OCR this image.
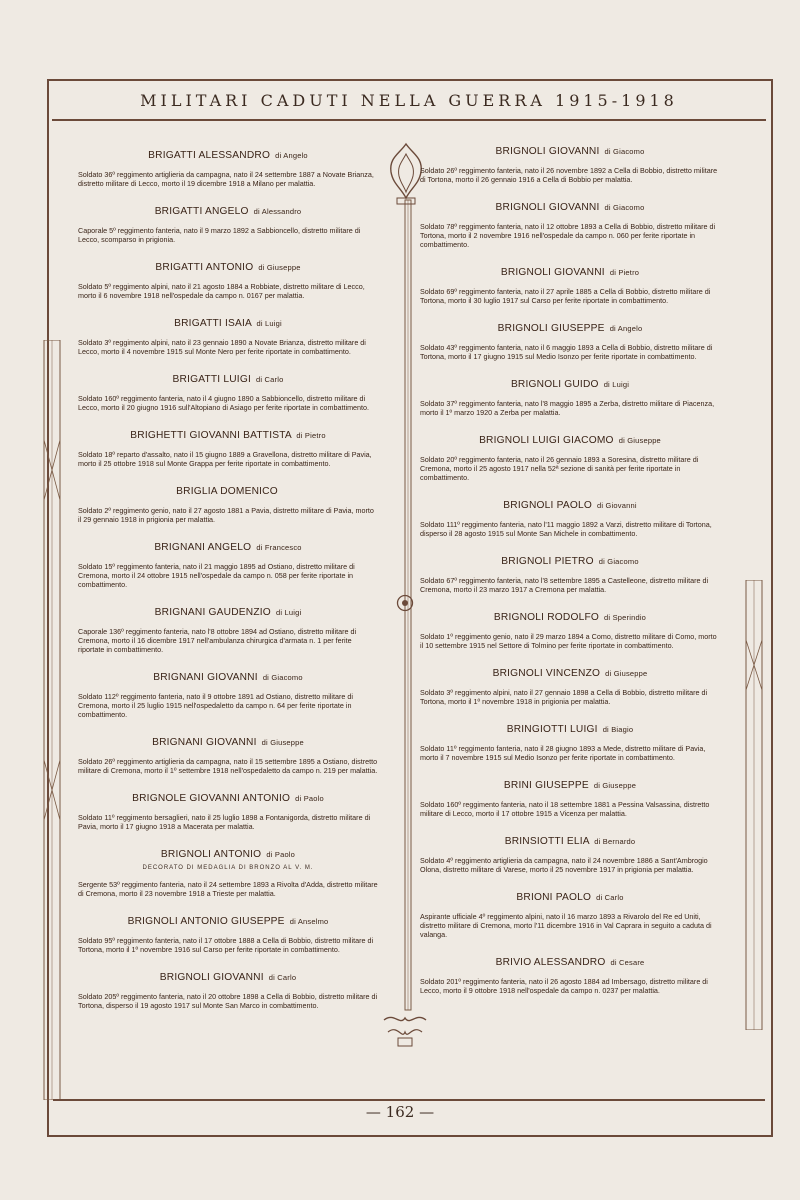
MILITARI CADUTI NELLA GUERRA 1915-1918
BRIGATTI ALESSANDRO di Angelo
Soldato 36º reggimento artiglieria da campagna, nato il 24 settembre 1887 a Novate Brianza, distretto militare di Lecco, morto il 19 dicembre 1918 a Milano per malattia.
BRIGATTI ANGELO di Alessandro
Caporale 5º reggimento fanteria, nato il 9 marzo 1892 a Sabbioncello, distretto militare di Lecco, scomparso in prigionia.
BRIGATTI ANTONIO di Giuseppe
Soldato 5º reggimento alpini, nato il 21 agosto 1884 a Robbiate, distretto militare di Lecco, morto il 6 novembre 1918 nell'ospedale da campo n. 0167 per malattia.
BRIGATTI ISAIA di Luigi
Soldato 3º reggimento alpini, nato il 23 gennaio 1890 a Novate Brianza, distretto militare di Lecco, morto il 4 novembre 1915 sul Monte Nero per ferite riportate in combattimento.
BRIGATTI LUIGI di Carlo
Soldato 160º reggimento fanteria, nato il 4 giugno 1890 a Sabbioncello, distretto militare di Lecco, morto il 20 giugno 1916 sull'Altopiano di Asiago per ferite riportate in combattimento.
BRIGHETTI GIOVANNI BATTISTA di Pietro
Soldato 18º reparto d'assalto, nato il 15 giugno 1889 a Gravellona, distretto militare di Pavia, morto il 25 ottobre 1918 sul Monte Grappa per ferite riportate in combattimento.
BRIGLIA DOMENICO
Soldato 2º reggimento genio, nato il 27 agosto 1881 a Pavia, distretto militare di Pavia, morto il 29 gennaio 1918 in prigionia per malattia.
BRIGNANI ANGELO di Francesco
Soldato 15º reggimento fanteria, nato il 21 maggio 1895 ad Ostiano, distretto militare di Cremona, morto il 24 ottobre 1915 nell'ospedale da campo n. 058 per ferite riportate in combattimento.
BRIGNANI GAUDENZIO di Luigi
Caporale 136º reggimento fanteria, nato l'8 ottobre 1894 ad Ostiano, distretto militare di Cremona, morto il 16 dicembre 1917 nell'ambulanza chirurgica d'armata n. 1 per ferite riportate in combattimento.
BRIGNANI GIOVANNI di Giacomo
Soldato 112º reggimento fanteria, nato il 9 ottobre 1891 ad Ostiano, distretto militare di Cremona, morto il 25 luglio 1915 nell'ospedaletto da campo n. 64 per ferite riportate in combattimento.
BRIGNANI GIOVANNI di Giuseppe
Soldato 26º reggimento artiglieria da campagna, nato il 15 settembre 1895 a Ostiano, distretto militare di Cremona, morto il 1º settembre 1918 nell'ospedaletto da campo n. 219 per malattia.
BRIGNOLE GIOVANNI ANTONIO di Paolo
Soldato 11º reggimento bersaglieri, nato il 25 luglio 1898 a Fontanigorda, distretto militare di Pavia, morto il 17 giugno 1918 a Macerata per malattia.
BRIGNOLI ANTONIO di Paolo
DECORATO DI MEDAGLIA DI BRONZO AL V. M.
Sergente 53º reggimento fanteria, nato il 24 settembre 1893 a Rivolta d'Adda, distretto militare di Cremona, morto il 23 novembre 1918 a Trieste per malattia.
BRIGNOLI ANTONIO GIUSEPPE di Anselmo
Soldato 95º reggimento fanteria, nato il 17 ottobre 1888 a Cella di Bobbio, distretto militare di Tortona, morto il 1º novembre 1916 sul Carso per ferite riportate in combattimento.
BRIGNOLI GIOVANNI di Carlo
Soldato 205º reggimento fanteria, nato il 20 ottobre 1898 a Cella di Bobbio, distretto militare di Tortona, disperso il 19 agosto 1917 sul Monte San Marco in combattimento.
BRIGNOLI GIOVANNI di Giacomo
Soldato 26º reggimento fanteria, nato il 26 novembre 1892 a Cella di Bobbio, distretto militare di Tortona, morto il 26 gennaio 1916 a Cella di Bobbio per malattia.
BRIGNOLI GIOVANNI di Giacomo
Soldato 78º reggimento fanteria, nato il 12 ottobre 1893 a Cella di Bobbio, distretto militare di Tortona, morto il 2 novembre 1916 nell'ospedale da campo n. 060 per ferite riportate in combattimento.
BRIGNOLI GIOVANNI di Pietro
Soldato 69º reggimento fanteria, nato il 27 aprile 1885 a Cella di Bobbio, distretto militare di Tortona, morto il 30 luglio 1917 sul Carso per ferite riportate in combattimento.
BRIGNOLI GIUSEPPE di Angelo
Soldato 43º reggimento fanteria, nato il 6 maggio 1893 a Cella di Bobbio, distretto militare di Tortona, morto il 17 giugno 1915 sul Medio Isonzo per ferite riportate in combattimento.
BRIGNOLI GUIDO di Luigi
Soldato 37º reggimento fanteria, nato l'8 maggio 1895 a Zerba, distretto militare di Piacenza, morto il 1º marzo 1920 a Zerba per malattia.
BRIGNOLI LUIGI GIACOMO di Giuseppe
Soldato 20º reggimento fanteria, nato il 26 gennaio 1893 a Soresina, distretto militare di Cremona, morto il 25 agosto 1917 nella 52ª sezione di sanità per ferite riportate in combattimento.
BRIGNOLI PAOLO di Giovanni
Soldato 111º reggimento fanteria, nato l'11 maggio 1892 a Varzi, distretto militare di Tortona, disperso il 28 agosto 1915 sul Monte San Michele in combattimento.
BRIGNOLI PIETRO di Giacomo
Soldato 67º reggimento fanteria, nato l'8 settembre 1895 a Castelleone, distretto militare di Cremona, morto il 23 marzo 1917 a Cremona per malattia.
BRIGNOLI RODOLFO di Sperindio
Soldato 1º reggimento genio, nato il 29 marzo 1894 a Como, distretto militare di Como, morto il 10 settembre 1915 nel Settore di Tolmino per ferite riportate in combattimento.
BRIGNOLI VINCENZO di Giuseppe
Soldato 3º reggimento alpini, nato il 27 gennaio 1898 a Cella di Bobbio, distretto militare di Tortona, morto il 1º novembre 1918 in prigionia per malattia.
BRINGIOTTI LUIGI di Biagio
Soldato 11º reggimento fanteria, nato il 28 giugno 1893 a Mede, distretto militare di Pavia, morto il 7 novembre 1915 sul Medio Isonzo per ferite riportate in combattimento.
BRINI GIUSEPPE di Giuseppe
Soldato 160º reggimento fanteria, nato il 18 settembre 1881 a Pessina Valsassina, distretto militare di Lecco, morto il 17 ottobre 1915 a Vicenza per malattia.
BRINSIOTTI ELIA di Bernardo
Soldato 4º reggimento artiglieria da campagna, nato il 24 novembre 1886 a Sant'Ambrogio Olona, distretto militare di Varese, morto il 25 novembre 1917 in prigionia per malattia.
BRIONI PAOLO di Carlo
Aspirante ufficiale 4º reggimento alpini, nato il 16 marzo 1893 a Rivarolo del Re ed Uniti, distretto militare di Cremona, morto l'11 dicembre 1916 in Val Caprara in seguito a caduta di valanga.
BRIVIO ALESSANDRO di Cesare
Soldato 201º reggimento fanteria, nato il 26 agosto 1884 ad Imbersago, distretto militare di Lecco, morto il 9 ottobre 1918 nell'ospedale da campo n. 0237 per malattia.
— 162 —
